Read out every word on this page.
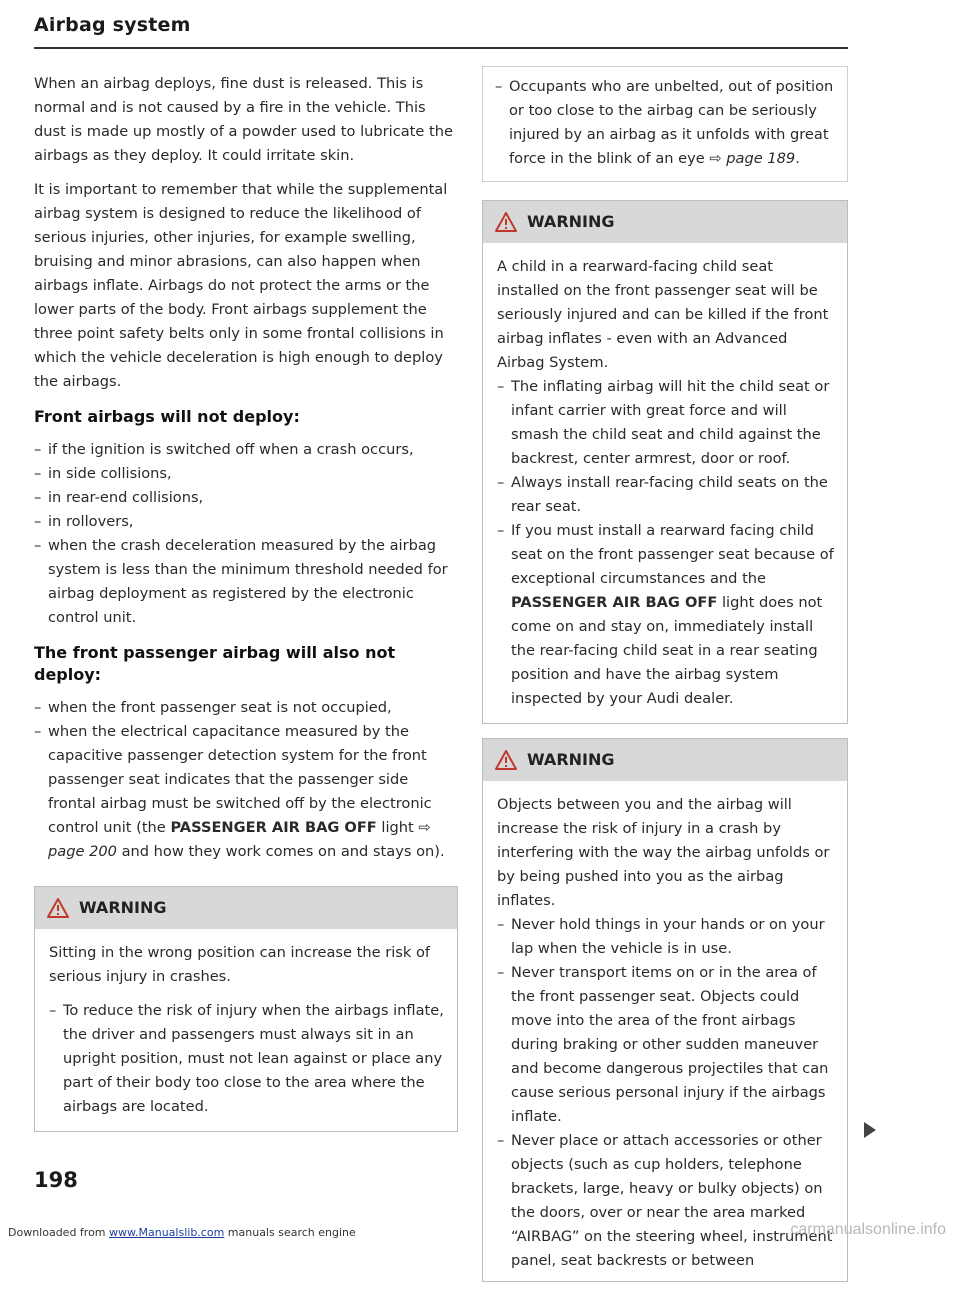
Airbag system

When an airbag deploys, fine dust is released. This is normal and is not caused by a fire in the vehicle. This dust is made up mostly of a powder used to lubricate the airbags as they deploy. It could irritate skin.

It is important to remember that while the supplemental airbag system is designed to reduce the likelihood of serious injuries, other injuries, for example swelling, bruising and minor abrasions, can also happen when airbags inflate. Airbags do not protect the arms or the lower parts of the body. Front airbags supplement the three point safety belts only in some frontal collisions in which the vehicle deceleration is high enough to deploy the airbags.

Front airbags will not deploy:
– if the ignition is switched off when a crash occurs,
– in side collisions,
– in rear-end collisions,
– in rollovers,
– when the crash deceleration measured by the airbag system is less than the minimum threshold needed for airbag deployment as registered by the electronic control unit.
The front passenger airbag will also not deploy:
– when the front passenger seat is not occupied,
– when the electrical capacitance measured by the capacitive passenger detection system for the front passenger seat indicates that the passenger side frontal airbag must be switched off by the electronic control unit (the PASSENGER AIR BAG OFF light ⇨ page 200 and how they work comes on and stays on).
WARNING

Sitting in the wrong position can increase the risk of serious injury in crashes.

– To reduce the risk of injury when the airbags inflate, the driver and passengers must always sit in an upright position, must not lean against or place any part of their body too close to the area where the airbags are located.
– Occupants who are unbelted, out of position or too close to the airbag can be seriously injured by an airbag as it unfolds with great force in the blink of an eye ⇨ page 189.
WARNING

A child in a rearward-facing child seat installed on the front passenger seat will be seriously injured and can be killed if the front airbag inflates - even with an Advanced Airbag System.

– The inflating airbag will hit the child seat or infant carrier with great force and will smash the child seat and child against the backrest, center armrest, door or roof.
– Always install rear-facing child seats on the rear seat.
– If you must install a rearward facing child seat on the front passenger seat because of exceptional circumstances and the PASSENGER AIR BAG OFF light does not come on and stay on, immediately install the rear-facing child seat in a rear seating position and have the airbag system inspected by your Audi dealer.
WARNING

Objects between you and the airbag will increase the risk of injury in a crash by interfering with the way the airbag unfolds or by being pushed into you as the airbag inflates.

– Never hold things in your hands or on your lap when the vehicle is in use.
– Never transport items on or in the area of the front passenger seat. Objects could move into the area of the front airbags during braking or other sudden maneuver and become dangerous projectiles that can cause serious personal injury if the airbags inflate.
– Never place or attach accessories or other objects (such as cup holders, telephone brackets, large, heavy or bulky objects) on the doors, over or near the area marked “AIRBAG” on the steering wheel, instrument panel, seat backrests or between
198
Downloaded from www.Manualslib.com manuals search engine	carmanualsonline.info
